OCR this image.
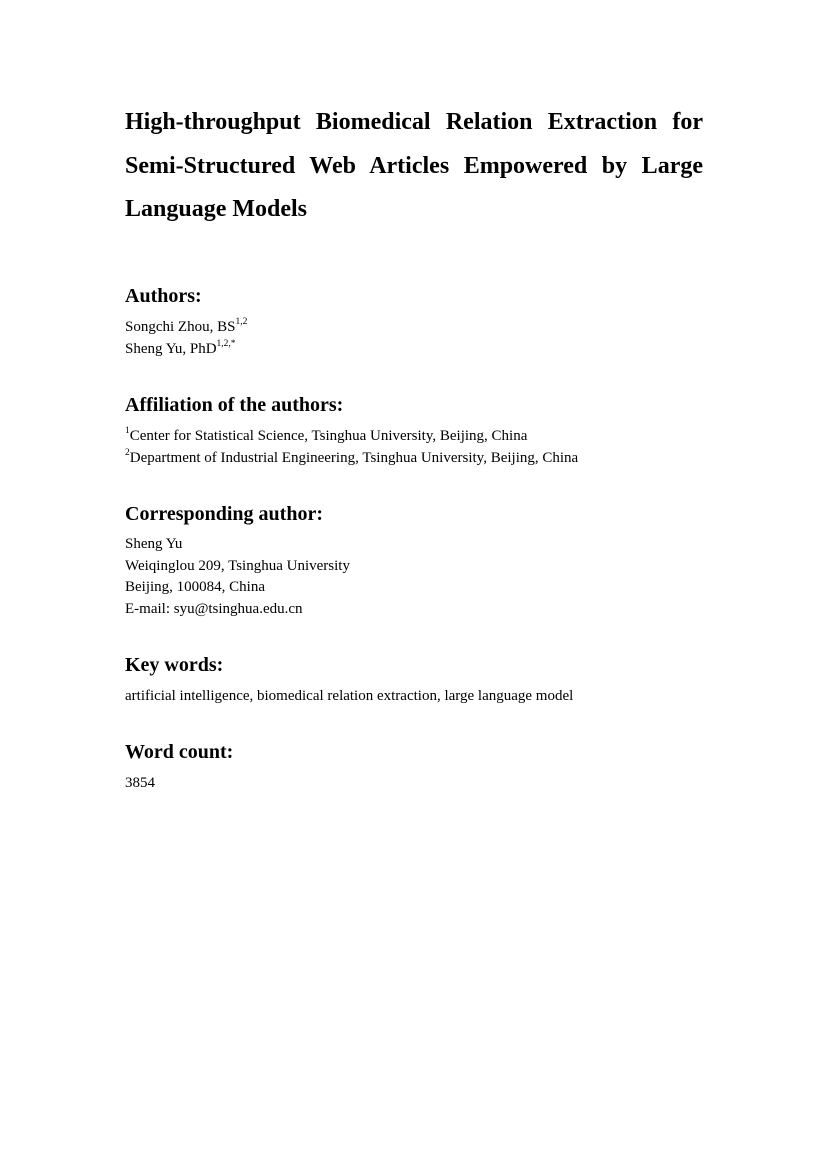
High-throughput Biomedical Relation Extraction for
Semi-Structured Web Articles Empowered by Large
Language Models
Authors:
Songchi Zhou, BS$^{1,2}$
Sheng Yu, PhD$^{1,2,*}$
Affiliation of the authors:
$^1$Center for Statistical Science, Tsinghua University, Beijing, China
$^2$Department of Industrial Engineering, Tsinghua University, Beijing, China
Corresponding author:
Sheng Yu
Weiqinglou 209, Tsinghua University
Beijing, 100084, China
E-mail: syu@tsinghua.edu.cn
Key words:
artificial intelligence, biomedical relation extraction, large language model
Word count:
3854
